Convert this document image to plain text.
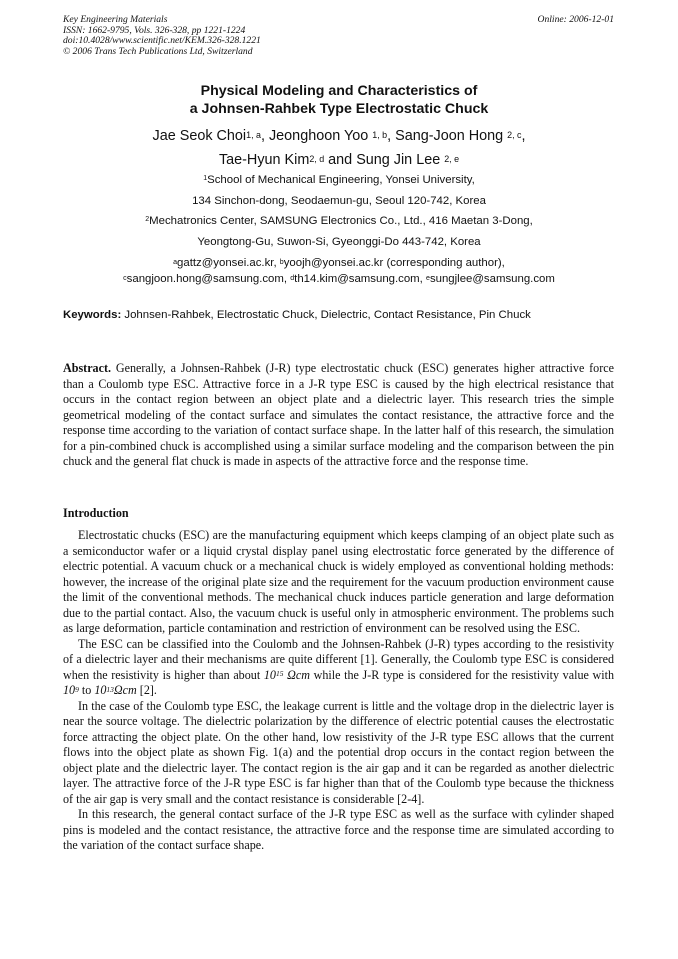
Key Engineering Materials
ISSN: 1662-9795, Vols. 326-328, pp 1221-1224
doi:10.4028/www.scientific.net/KEM.326-328.1221
© 2006 Trans Tech Publications Ltd, Switzerland
Online: 2006-12-01
Physical Modeling and Characteristics of
a Johnsen-Rahbek Type Electrostatic Chuck
Jae Seok Choi$^{1, a}$, Jeonghoon Yoo $^{1, b}$, Sang-Joon Hong $^{2, c}$,
Tae-Hyun Kim$^{2, d}$ and Sung Jin Lee $^{2, e}$
$^1$School of Mechanical Engineering, Yonsei University,
134 Sinchon-dong, Seodaemun-gu, Seoul 120-742, Korea
$^2$Mechatronics Center, SAMSUNG Electronics Co., Ltd., 416 Maetan 3-Dong,
Yeongtong-Gu, Suwon-Si, Gyeonggi-Do 443-742, Korea
$^a$gattz@yonsei.ac.kr, $^b$yoojh@yonsei.ac.kr (corresponding author),
$^c$sangjoon.hong@samsung.com, $^d$th14.kim@samsung.com, $^e$sungjlee@samsung.com
Keywords: Johnsen-Rahbek, Electrostatic Chuck, Dielectric, Contact Resistance, Pin Chuck
Abstract. Generally, a Johnsen-Rahbek (J-R) type electrostatic chuck (ESC) generates higher attractive force than a Coulomb type ESC. Attractive force in a J-R type ESC is caused by the high electrical resistance that occurs in the contact region between an object plate and a dielectric layer. This research tries the simple geometrical modeling of the contact surface and simulates the contact resistance, the attractive force and the response time according to the variation of contact surface shape. In the latter half of this research, the simulation for a pin-combined chuck is accomplished using a similar surface modeling and the comparison between the pin chuck and the general flat chuck is made in aspects of the attractive force and the response time.
Introduction

Electrostatic chucks (ESC) are the manufacturing equipment which keeps clamping of an object plate such as a semiconductor wafer or a liquid crystal display panel using electrostatic force generated by the difference of electric potential. A vacuum chuck or a mechanical chuck is widely employed as conventional holding methods: however, the increase of the original plate size and the requirement for the vacuum production environment cause the limit of the conventional methods. The mechanical chuck induces particle generation and large deformation due to the partial contact. Also, the vacuum chuck is useful only in atmospheric environment. The problems such as large deformation, particle contamination and restriction of environment can be resolved using the ESC.

The ESC can be classified into the Coulomb and the Johnsen-Rahbek (J-R) types according to the resistivity of a dielectric layer and their mechanisms are quite different [1]. Generally, the Coulomb type ESC is considered when the resistivity is higher than about $10^{15}$ Ωcm while the J-R type is considered for the resistivity value with $10^9$ to $10^{13}\Omega cm$ [2].

In the case of the Coulomb type ESC, the leakage current is little and the voltage drop in the dielectric layer is near the source voltage. The dielectric polarization by the difference of electric potential causes the electrostatic force attracting the object plate. On the other hand, low resistivity of the J-R type ESC allows that the current flows into the object plate as shown Fig. 1(a) and the potential drop occurs in the contact region between the object plate and the dielectric layer. The contact region is the air gap and it can be regarded as another dielectric layer. The attractive force of the J-R type ESC is far higher than that of the Coulomb type because the thickness of the air gap is very small and the contact resistance is considerable [2-4].

In this research, the general contact surface of the J-R type ESC as well as the surface with cylinder shaped pins is modeled and the contact resistance, the attractive force and the response time are simulated according to the variation of the contact surface shape.
